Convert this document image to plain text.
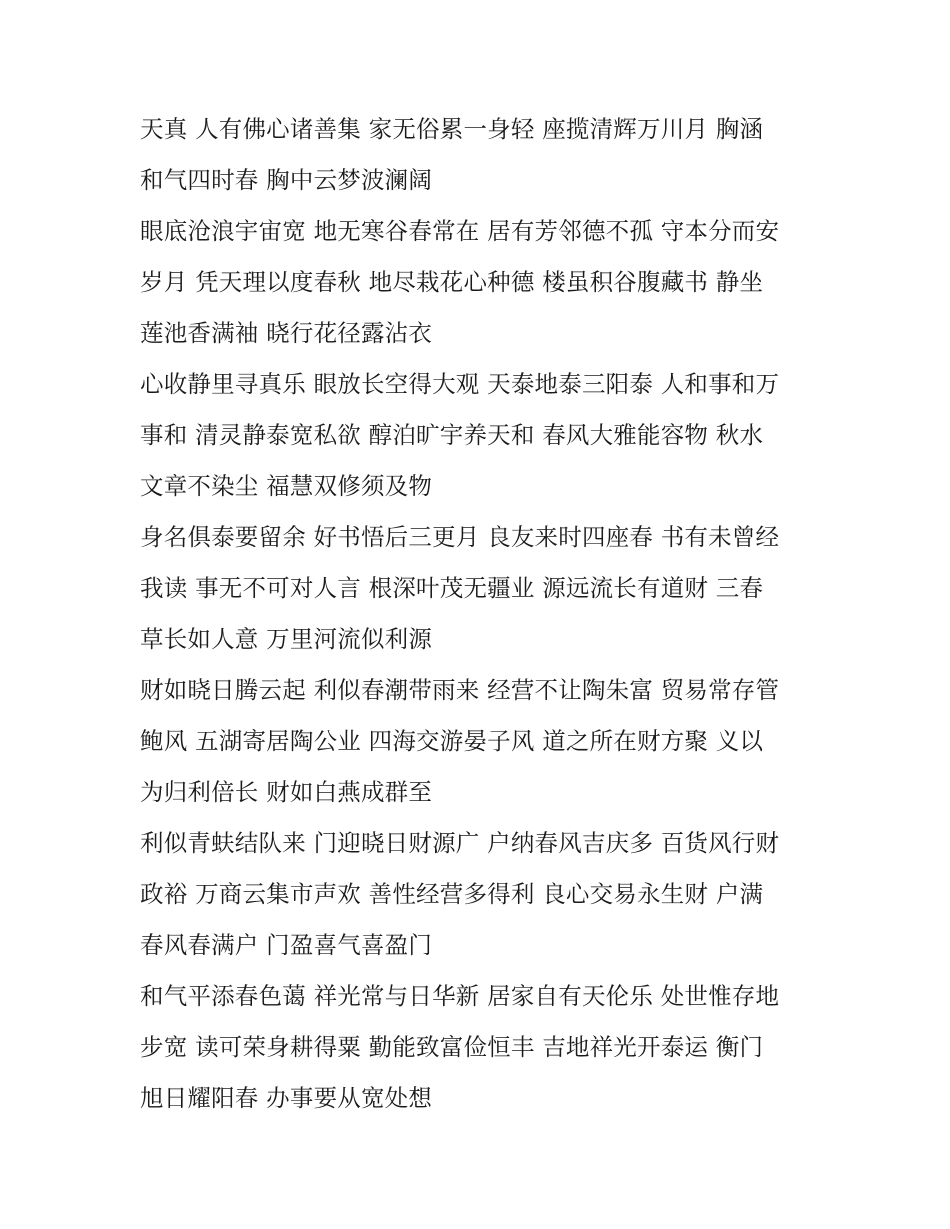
天真 人有佛心诸善集 家无俗累一身轻 座揽清辉万川月 胸涵
和气四时春 胸中云梦波澜阔
眼底沧浪宇宙宽 地无寒谷春常在 居有芳邻德不孤 守本分而安
岁月 凭天理以度春秋 地尽栽花心种德 楼虽积谷腹藏书 静坐
莲池香满袖 晓行花径露沾衣
心收静里寻真乐 眼放长空得大观 天泰地泰三阳泰 人和事和万
事和 清灵静泰宽私欲 醇泊旷宇养天和 春风大雅能容物 秋水
文章不染尘 福慧双修须及物
身名俱泰要留余 好书悟后三更月 良友来时四座春 书有未曾经
我读 事无不可对人言 根深叶茂无疆业 源远流长有道财 三春
草长如人意 万里河流似利源
财如晓日腾云起 利似春潮带雨来 经营不让陶朱富 贸易常存管
鲍风 五湖寄居陶公业 四海交游晏子风 道之所在财方聚 义以
为归利倍长 财如白燕成群至
利似青蚨结队来 门迎晓日财源广 户纳春风吉庆多 百货风行财
政裕 万商云集市声欢 善性经营多得利 良心交易永生财 户满
春风春满户 门盈喜气喜盈门
和气平添春色蔼 祥光常与日华新 居家自有天伦乐 处世惟存地
步宽 读可荣身耕得粟 勤能致富俭恒丰 吉地祥光开泰运 衡门
旭日耀阳春 办事要从宽处想
